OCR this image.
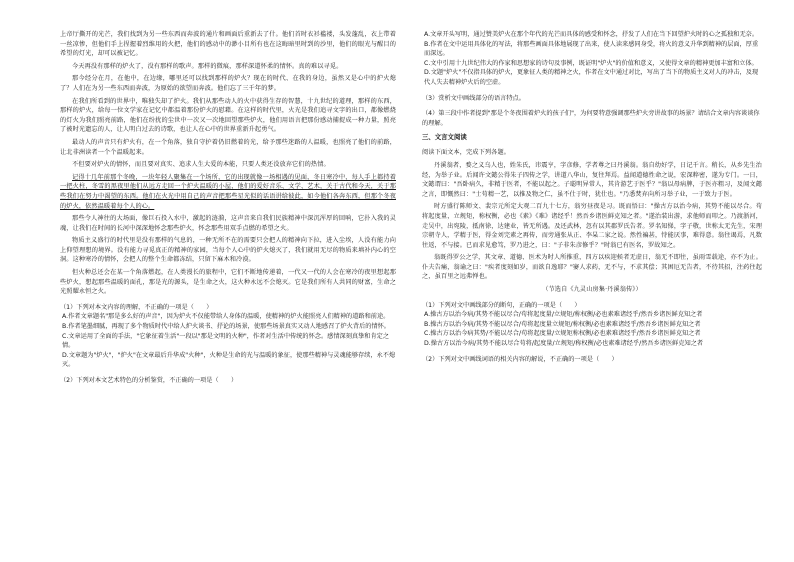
上帝厅撕开的光芒，我们找到为另一些东西而奔波的通片和画面后重新去了什。他们首时衣衫褴褛，头发蓬乱，衣上带着一丝凉惨，但他们手上捏握着烈维用的火把，他们的感动中的渺小目所有也在这晦暗里时到的沙里，他们的眼光与醒目的希望的灯光，却可以被记忆。

今天再没有那样的炉火了，没有那样的歌声。那样的微痕，那样深道怀柔的情怀。真的难以寻觅。

那今经分在月，在他中，在边缘，哪里还可以找到那样的炉火？现在的时代、在我的身边，虽然又是心中的炉火熄了？人们在为另一些东西而奔波，为原始的欲望而奔波。他们忘了三千年的梦。

在我们所看到的世界中，唯独失却了炉火。我们从那些动人的火中获得生存的智慧，十九世纪的道理，那样的东西，那样的炉火，给每一位文学家在记忆中都温着那份炉火的慰藉。在这样的时代里，火光是我们追寻文字的出口，都像燃烧的灯火为我们照亮前路，他们在纷扰的尘世中一次又一次地回望那些炉火，他们用语言把那份感动捕捉成一种力量，照亮了被时光遗忘的人，让人明白过去的诗歌，也让人在心中的世界重新升起勇气。

最动人的声音只有炉火有，在一个角落，独自守护着仍旧燃着的光，给予那些迷路的人温暖，也照亮了他们的前路，让北非洲读者一个个温暖起来。

不但要对炉火的情怀，而且要对真实、追求人生大爱的本能，只要人类还没放弃它们的热情。

记得十几年前那个冬晚，一块年轻人聚集在一个场所，它的出现就像一场相遇的见面，冬日寒冷中，每人手上都持着一把火柱，冬雪的黑夜里他们从远方走回一个炉火温暖的小屋，他们的爱好音乐、文学、艺术，关于古代和今天，关于那些我们在努力中渴望的东西。他们在火光中用自己的声音把那些星光似的话语讲给彼此，如今他们各奔东西，但那个冬夜的炉火，依然温暖着每个人的心。

那些令人神往的大场面，像巨石投入水中，激起的涟漪，这声音来自我们民族精神中深沉浑厚的回响，它扑入我的灵魂，让我们在时间的长河中深深地怀念那些炉火，怀念那些用双手点燃的希望之火。

物质主义盛行的时代里是没有那样的气息的，一种无所不在的需要只会把人的精神向下拉，进入尘埃，人没有能力向上仰望理想的境界。没有能力寻觅真正的精神的家园，当每个人心中的炉火熄灭了，我们就用无尽的物质来填补内心的空洞。这种寒冷的情怀，会把人的整个生命都冻结，只留下麻木和冷漠。

但火种总还会在某一个角落燃起，在人类漫长的旅程中，它们不断地传递着，一代又一代的人会在寒冷的夜里想起那些炉火，想起那些温暖的面孔，那是光的源头，是生命之火，这火种永远不会熄灭。它是我们所有人共同的财富，生命之光照耀永恒之火。

（1）下列对本文内容的理解，不正确的一项是（　　）

A.作者文章题名"那是多么好的声音"，因为炉火不仅能带给人身体的温暖，使精神的炉火能照亮人们精神的道路和前途。

B.作者笔墨细腻，再现了多个物质时代中给人炉火谈书、抒论的场景，使那些场景真实又动人地感召了炉火背后的情怀。

C.文章运用了全面的手法，"它象征着生活"一段以"那是文明的火种"，作者对生活中传统的怀念。感情深刻真挚和肯定之情。

D.文章题为"炉火"，"炉火"在文章最后升华成"火种"，火种是生命的光与温暖的象征，使那些精神与灵魂能够存续，永不熄灭。

（2）下列对本文艺术特色的分析鉴赏，不正确的一项是（　　）

A.文章开头写明，通过赞美炉火在那个年代的光芒而具体的感受和怀念，抒发了人们在当下回望炉火时的心之孤独和无奈。

B.作者在文中运用具体化的写法，将那些画面具体地展现了出来，使人读来感同身受，将火的意义升华到精神的层面，厚重而深远。

C.文中引用十九世纪伟大的作家和思想家的诗句及事例，既证明"炉火"的价值和意义，又使得文章的精神更加丰富和立体。

D.文题"炉火"不仅指具体的炉火，更象征人类的精神之火，作者在文中通过对比，写出了当下的物质主义对人的冲击，及现代人失去精神炉火后的空虚。

（3）赏析文中画线部分的语言特点。

（4）第三段中作者提到"那是个冬夜围着炉火的孩子们"，为何要特意强调那些炉火旁讲故事的场景？请结合文章内容谈谈你的理解。

三、文言文阅读

阅读下面文本，完成下列各题。

丹溪翁者，婺之义乌人也，姓朱氏，讳震亨，字彦修，学者尊之曰丹溪翁。翁自幼好学，日记千言。稍长，从乡先生治经，为举子业。后闻许文懿公得朱子四传之学，讲道八华山，复往拜焉。益闻道德性命之说，宏深粹密，遂为专门。一日，文懿谓曰："吾卧病久，非精于医者，不能以起之。子聪明异常人，其肯游艺于医乎？"翁以母病脾，于医亦粗习，及闻文懿之言，即慨然曰："士苟精一艺，以推及物之仁，虽不仕于时，犹仕也。"乃悉焚弃向所习举子业，一于致力于医。

时方盛行陈师文、裴宗元所定大观二百九十七方，翁穷昼夜是习。既而悟曰："操古方以治今病，其势不能以尽合。苟将起度量，立规矩，称权衡，必也《素》《难》诸经乎！然吾乡诸医鲜克知之者。"遂治装出游，求他师而叩之。乃渡浙河，走吴中，出宛陵，抵南徐，达建业，皆无所遇。及还武林，忽有以其郡罗氏告者。罗名知悌，字子敬，世称太无先生，宋理宗朝寺人，学精于医，得金刘完素之再传，而旁通张从正、李杲二家之说。然性褊甚，恃能厌事，难得意。翁往谒焉，凡数往返，不与接。已而求见愈笃，罗乃进之，曰："子非朱彦修乎？"时翁已有医名，罗故知之。

翁既得罗公之学，其文章、道德、医术为时人所推重，四方以疾迎候者无虚日，翁无不即往，虽雨雪载途，亦不为止。仆夫告痛，翁谕之曰："疾者度刻如岁，而欲自逸耶？"窭人求药，无不与，不求其偿；其困厄无告者，不待其招，注药往起之，虽百里之远弗惮也。

（节选自《九灵山房集·丹溪翁传》）

（1）下列对文中画线部分的断句，正确的一项是（　　）

A.操古方以治今病/其势不能以尽合/苟将起度量/立规矩/称权衡/必也素难诸经乎/然吾乡诸医鲜克知之者

B.操古方以治今病/其势不能以尽合/苟将起度量立规矩/称权衡/必也素难诸经乎/然吾乡诸医鲜克知之者

C.操古方以治今病其势/不能以尽合/苟将起度量/立规矩称权衡/必也素难诸经乎/然吾乡诸医鲜克知之者

D.操古方以治今病/其势不能以尽合苟将/起度量/立规矩/称权衡/必也素难诸经乎/然吾乡诸医鲜克知之者

（2）下列对文中画线词语的相关内容的解说，不正确的一项是（　　）
